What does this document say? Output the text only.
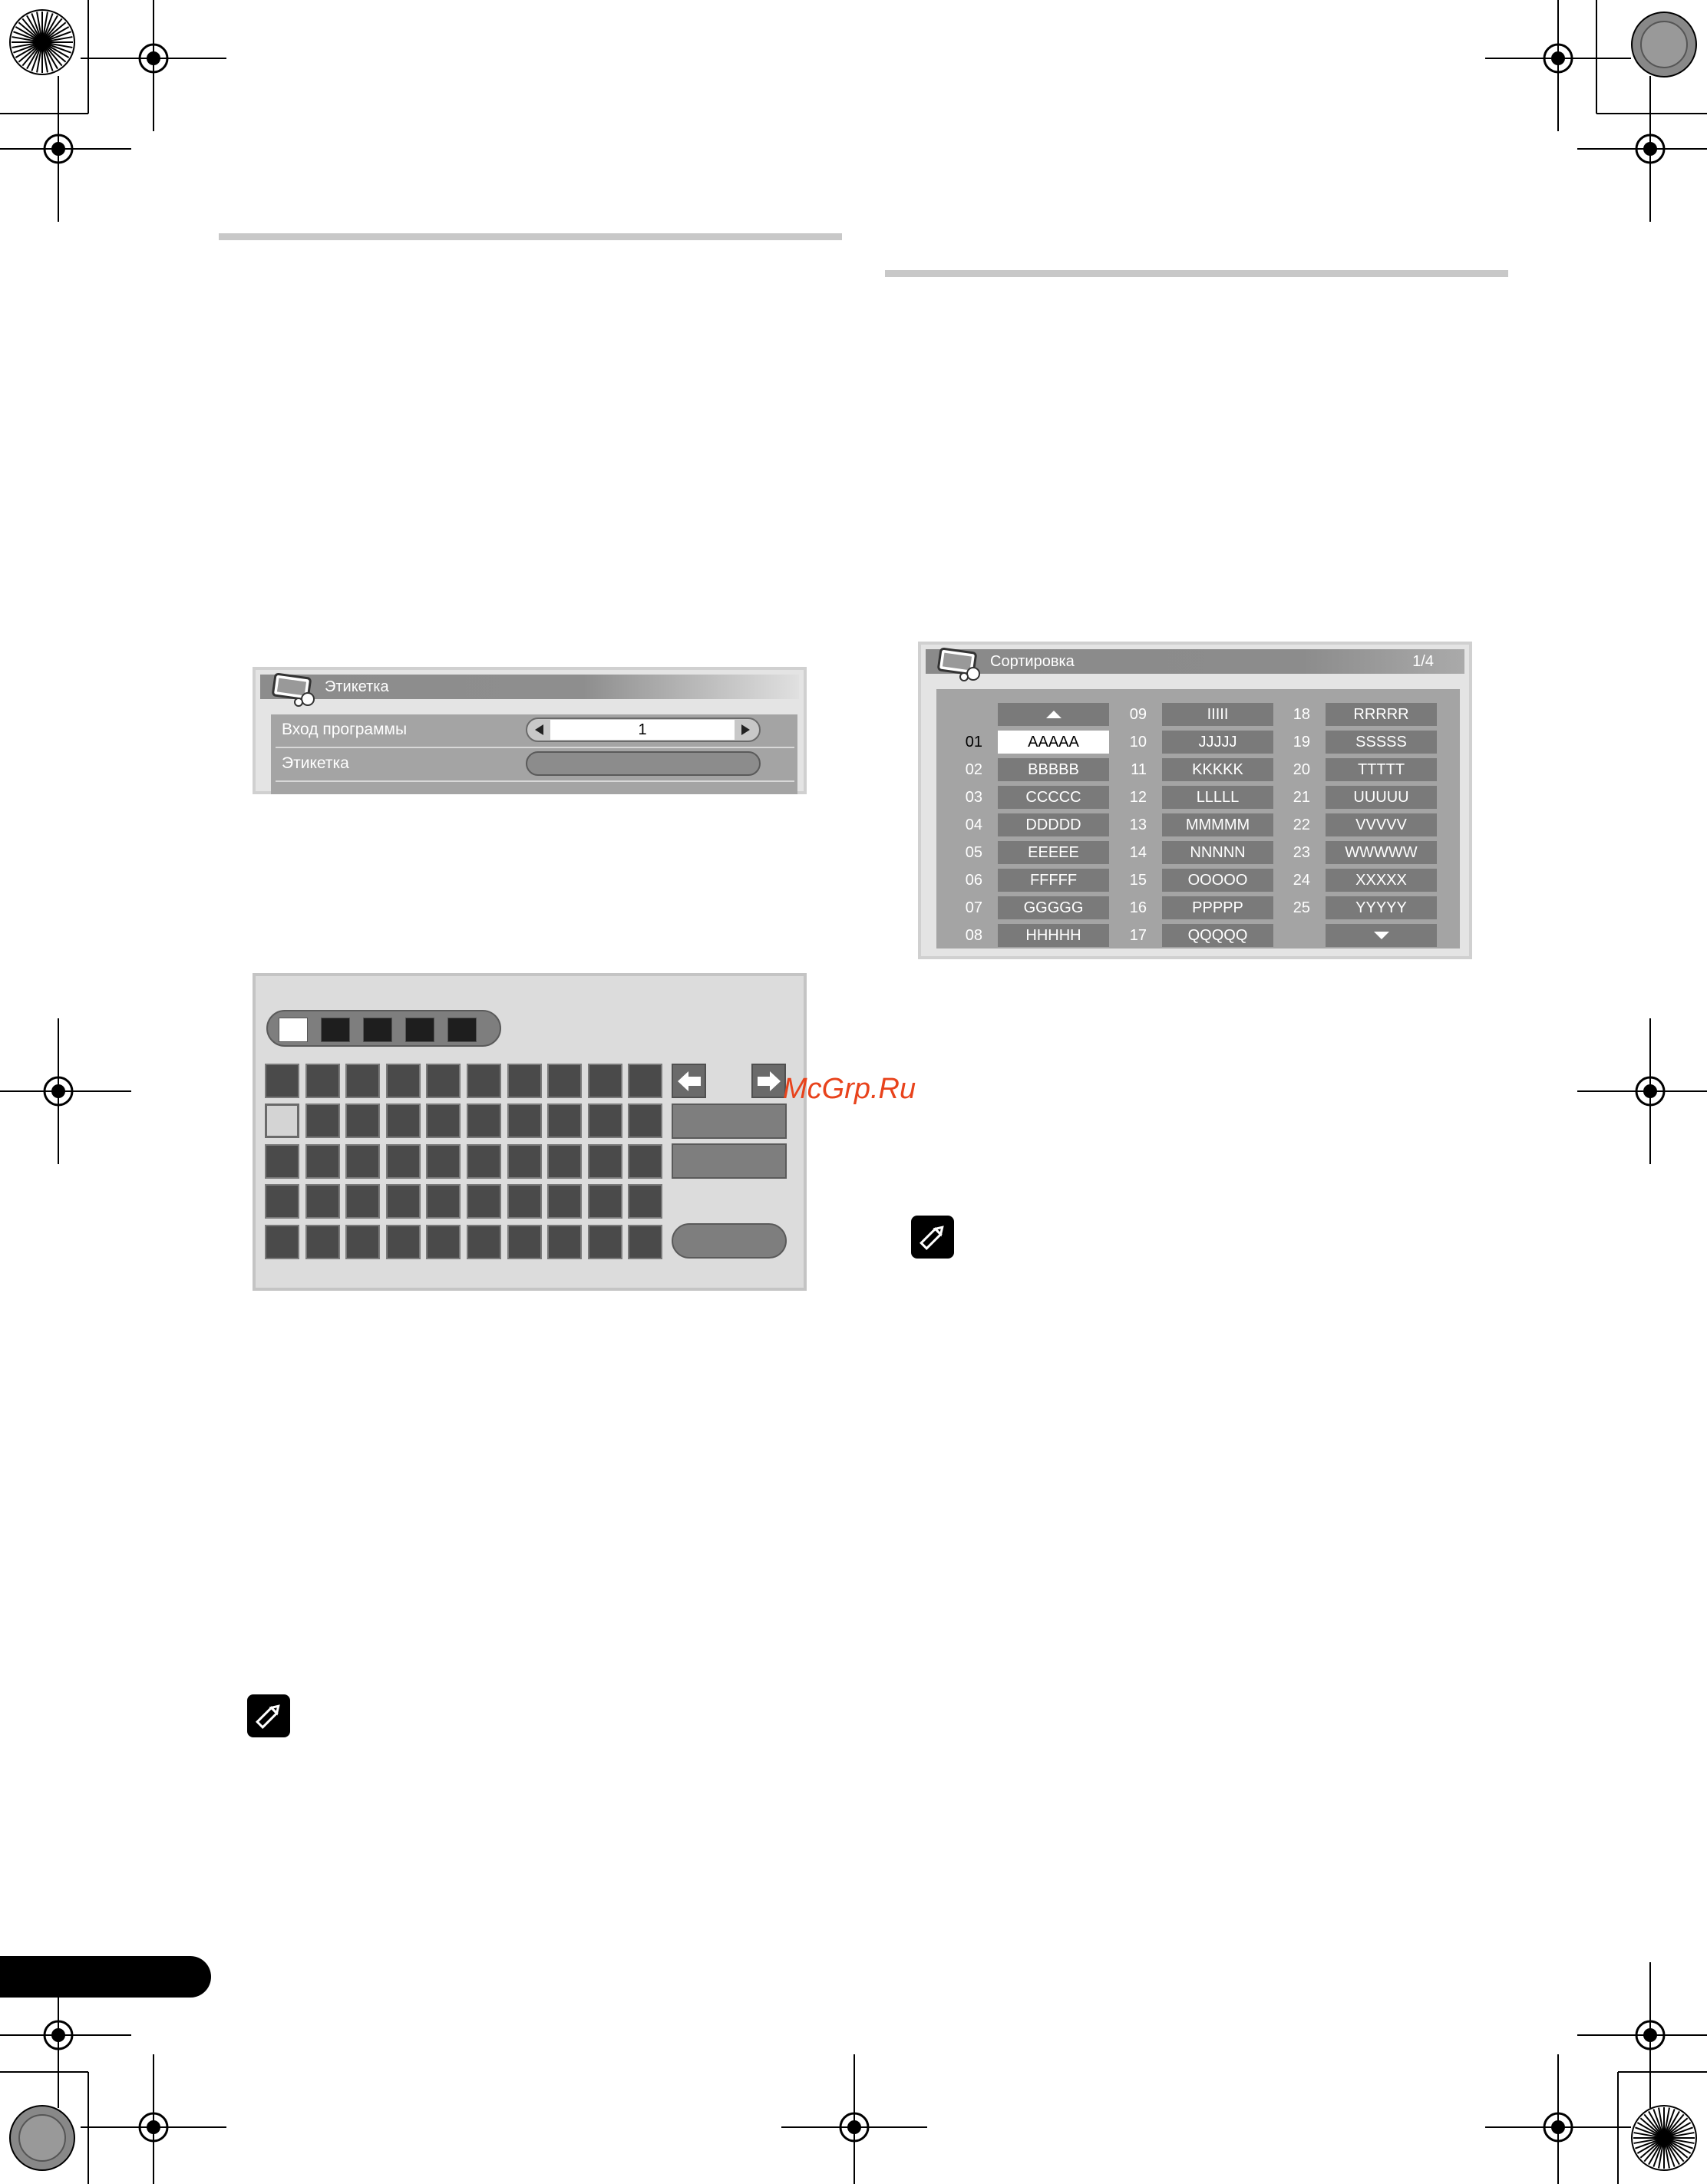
Этикетка
Вход программы	1
Этикетка
McGrp.Ru
Сортировка	1/4
01	AAAAA
02	BBBBB
03	CCCCC
04	DDDDD
05	EEEEE
06	FFFFF
07	GGGGG
08	HHHHH
09	IIIII
10	JJJJJ
11	KKKKK
12	LLLLL
13	MMMMM
14	NNNNN
15	OOOOO
16	PPPPP
17	QQQQQ
18	RRRRR
19	SSSSS
20	TTTTT
21	UUUUU
22	VVVVV
23	WWWWW
24	XXXXX
25	YYYYY
